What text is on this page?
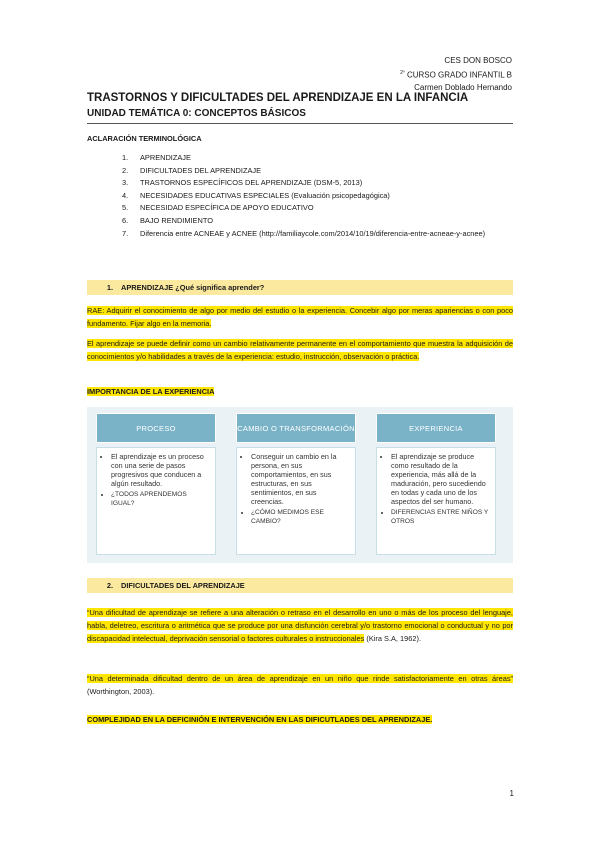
CES DON BOSCO
$^{2º}$ CURSO GRADO INFANTIL B
Carmen Doblado Hernando
TRASTORNOS Y DIFICULTADES DEL APRENDIZAJE EN LA INFANCIA
UNIDAD TEMÁTICA 0: CONCEPTOS BÁSICOS
ACLARACIÓN TERMINOLÓGICA
1. APRENDIZAJE
2. DIFICULTADES DEL APRENDIZAJE
3. TRASTORNOS ESPECÍFICOS DEL APRENDIZAJE (DSM-5, 2013)
4. NECESIDADES EDUCATIVAS ESPECIALES (Evaluación psicopedagógica)
5. NECESIDAD ESPECÍFICA DE APOYO EDUCATIVO
6. BAJO RENDIMIENTO
7. Diferencia entre ACNEAE y ACNEE (http://familiaycole.com/2014/10/19/diferencia-entre-acneae-y-acnee)
1. APRENDIZAJE ¿Qué significa aprender?
RAE: Adquirir el conocimiento de algo por medio del estudio o la experiencia. Concebir algo por meras apariencias o con poco fundamento. Fijar algo en la memoria.
El aprendizaje se puede definir como un cambio relativamente permanente en el comportamiento que muestra la adquisición de conocimientos y/o habilidades a través de la experiencia: estudio, instrucción, observación o práctica.
IMPORTANCIA DE LA EXPERIENCIA
PROCESO
• El aprendizaje es un proceso con una serie de pasos progresivos que conducen a algún resultado.
• ¿TODOS APRENDEMOS IGUAL?
CAMBIO O TRANSFORMACIÓN
• Conseguir un cambio en la persona, en sus comportamientos, en sus estructuras, en sus sentimientos, en sus creencias.
• ¿CÓMO MEDIMOS ESE CAMBIO?
EXPERIENCIA
• El aprendizaje se produce como resultado de la experiencia, más allá de la maduración, pero sucediendo en todas y cada uno de los aspectos del ser humano.
• DIFERENCIAS ENTRE NIÑOS Y OTROS
2. DIFICULTADES DEL APRENDIZAJE
“Una dificultad de aprendizaje se refiere a una alteración o retraso en el desarrollo en uno o más de los proceso del lenguaje, habla, deletreo, escritura o aritmética que se produce por una disfunción cerebral y/o trastorno emocional o conductual y no por discapacidad intelectual, deprivación sensorial o factores culturales o instruccionales (Kira S.A, 1962).
“Una determinada dificultad dentro de un área de aprendizaje en un niño que rinde satisfactoriamente en otras áreas” (Worthington, 2003).
COMPLEJIDAD EN LA DEFICINIÓN E INTERVENCIÓN EN LAS DIFICUTLADES DEL APRENDIZAJE.
1
